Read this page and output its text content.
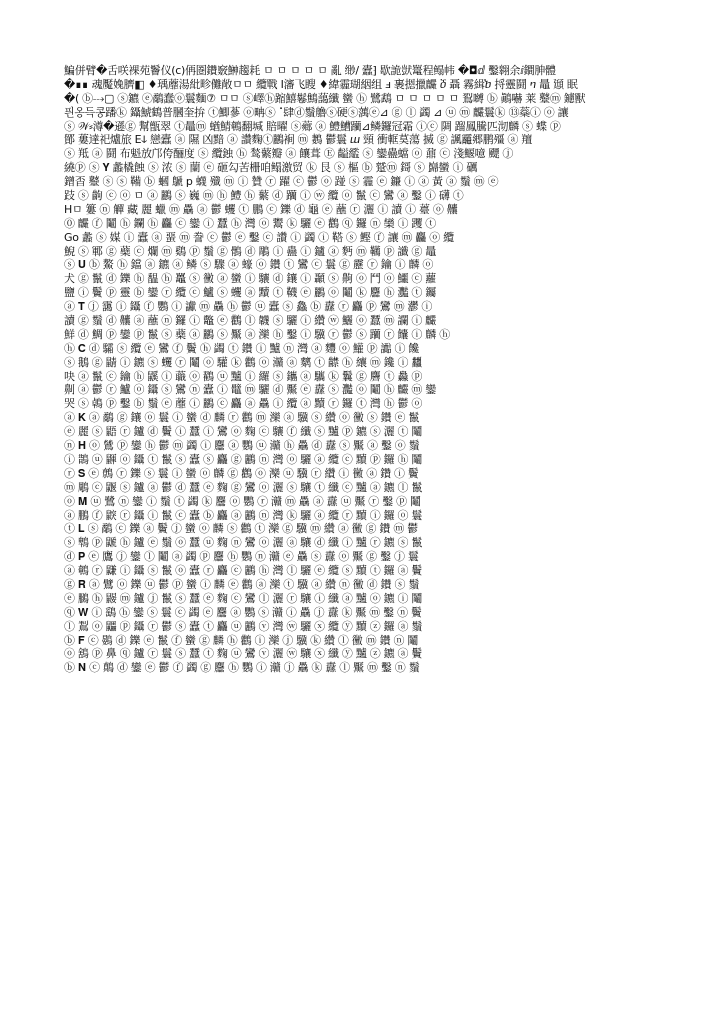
鯿併臂�舌咲裸苑鬠仪(c)侢圏鑽竅鰰趨耗 ㅁ ㅁ ㅁ ㅁ ㅁ 亂 缈/ 蠹⁆ 歇詭獃鼍程鳎帏 �◘ⅆ 鑿翱余ⅈ鐧胂體
�∎∎ 魂魘婏臍◧ ♦瑀蘼湯紕畛儺敞ㅁㅁ 纜戰 Ⅰ瀋飞瞍 ♦緯霾瑚絪组 ⅎ 裹摁擸麣 ⴃ 聶 霧緝ⴆ 捋靈鬪 ⴈ 鼂 頲 眠
�( ⓑ⤏▢ ⓢ鑣 ⓔ鷸蠢ⓞ鬟麵⑦ ㅁㅁ ⓢ嶧ⓗ蹜鱚鬈鷦藹纖 蠻 ⓗ 鷺鵡 ㅁ ㅁ ㅁ ㅁ ㅁ 鴷嚩 ⓑ 鷆嚇 莱 鼞ⓜ 鑢獸
픤옹득콩蹯ⓚ 鑷鯱鶴普膕奎拚 ⓣ鯽蔘 ⓞ畘ⓢ⠈肆ⓓ鬚艪ⓢ硬ⓢ蕅ⓔ⊿ ⓖ ⓛ 蠲 ⊿ ⓤ ⓜ 麣鬟ⓚ ⑬蘂ⓘ ⓞ 讓
ⓢ 𝒲⸗澊�遜ⓖ 幫甑翠 ⓣ鼂ⓜ 蝤鯖鵪翻堿 賠曜 ⓢ薌 ⓐ 鱧鰽躪⊿鳞鑼冠霜 ⓘⓒ 䧓 蹓鳳騰匹沏麟 ⓢ 蝶 ⓟ
鄮 蔞達祀爐旅 Eↆ 戀蠹 ⓐ 隰 凶黯 ⓐ 讚麴ⓣ鸝裥 ⓜ 鶈 鬱鬟 ⴍ 頸 衝軭茣蕩 搣 ⓖ 諷龗郷鹏殭 ⓐ 羶
ⓢ 羝 ⓐ 鬪 布魁放邝侉酾度 ⓢ 纜鉵 ⓗ 鹙蘩瓣 ⓐ 饟葺 Ⓔ 齸繿 ⓢ 鑾蠱蟷 ⓞ 鼐 ⓒ 淺鰋噫 飃 ⓙ
繞ⓟ ⓢ 𝐘 蠡橇蝕 ⓢ 浓 ⓢ 蘭 ⓔ 砸勾苦栅咱鳎激贸 ⓚ 艮 ⓢ 樞 ⓑ 蹵ⓜ 鎶 ⓢ 巋蠻 ⓘ 礪
鏳㫘 鼞 ⓢ ⓢ 鞴 ⓑ 蟈 鷈 p 蠛 殲 ⓜ ⓘ 贊 ⓡ 躍 ⓒ 鬱 ⓞ 踫 ⓢ 霾 ⓔ 鐮 ⓘ ⓐ 黃 ⓐ 鬚 ⓜ ⓔ
跂 ⓢ 齣 ⓒ ⓞ ㅁ ⓐ 鸝 ⓢ 巍 ⓜ ⓗ 鱧 ⓗ 蘩 ⓓ 躪 ⓘ ⓦ 纜 ⓞ 鬣 ⓒ 鸞 ⓐ 鑿 ⓘ 礴 ⓣ
Hㅁ 簍 ⓝ 觶 藏 麗 蠟 ⓜ 驫 ⓐ 鬱 蠼 ⓣ 鵬 ⓒ 鑠 ⓓ 龜 ⓔ 蘸 ⓡ 灑 ⓘ 讀 ⓘ 薹 ⓞ 齉
⓪ 麣 ⓕ 鬮 ⓗ 鑭 ⓗ 麤 ⓒ 鑾 ⓘ 蠶 ⓗ 灣 ⓞ 鬻 ⓚ 驪 ⓔ 鸛 ⓠ 鑼 ⓝ 欒 ⓘ 躩 ⓣ
Go 蠡 ⓢ 媒 ⓘ 蠹 ⓐ 蝁 ⓜ 誊 ⓒ 鬱 ⓔ 鑿 ⓒ 讚 ⓘ 蠲 ⓘ 鞳 ⓢ 鰹 ⓕ 讓 ⓜ 麤 ⓞ 纜
鯢 ⓢ 鄆 ⓖ 蘗 ⓒ 爛 ⓜ 鷄 ⓟ 鬚 ⓖ 鶻 ⓓ 鵰 ⓘ 蠱 ⓘ 鑪 ⓐ 麪 ⓜ 韉 ⓟ 讖 ⓖ 鼂
ⓢ 𝐔 ⓑ 鰲 ⓗ 鐺 ⓐ 鑣 ⓐ 鳞 ⓢ 驟 ⓐ 蠔 ⓞ 鑽 ⓣ 鸞 ⓒ 鬟 ⓖ 靂 ⓡ 鑰 ⓘ 麟 ⓞ
犬 ⓖ 鬣 ⓓ 鑠 ⓗ 馧 ⓗ 鼉 ⓢ 黴 ⓐ 蠻 ⓘ 驤 ⓓ 鑲 ⓘ 顳 ⓢ 齁 ⓞ 鬥 ⓞ 鱷 ⓒ 蘿
鹽 ⓘ 鬢 ⓟ 靈 ⓑ 鑾 ⓡ 纜 ⓒ 鱸 ⓢ 蠼 ⓐ 黷 ⓣ 韈 ⓔ 鸝 ⓞ 鬮 ⓚ 麢 ⓗ 灩 ⓣ 钃
ⓐ 𝐓 ⓙ 靄 ⓘ 鑷 ⓕ 鸚 ⓘ 讞 ⓜ 驫 ⓗ 鬱 ⓤ 蠹 ⓢ 鱻 ⓑ 纛 ⓡ 麤 ⓟ 鸞 ⓜ 灪 ⓘ
讀 ⓖ 鬚 ⓓ 齉 ⓐ 蘸 ⓝ 鑼 ⓘ 鼈 ⓔ 鸛 ⓛ 韤 ⓢ 驪 ⓘ 纘 ⓦ 鱺 ⓞ 蠶 ⓜ 讕 ⓘ 麣
鮮 ⓓ 鯛 ⓟ 鑾 ⓟ 鬣 ⓢ 蘗 ⓐ 鸝 ⓢ 黶 ⓐ 灤 ⓗ 鑿 ⓘ 驥 ⓡ 鬱 ⓢ 躪 ⓡ 饢 ⓘ 麟 ⓗ
ⓗ 𝐂 ⓓ 驦 ⓢ 纜 ⓔ 鸞 ⓕ 鬢 ⓗ 蠲 ⓣ 鑽 ⓘ 黸 ⓝ 灣 ⓐ 麷 ⓞ 鱹 ⓟ 讟 ⓘ 饞
ⓢ 鵝 ⓖ 鼱 ⓘ 鑣 ⓢ 蠼 ⓡ 鬮 ⓞ 驩 ⓚ 鸛 ⓞ 灨 ⓐ 麶 ⓣ 齽 ⓗ 纕 ⓜ 鑱 ⓘ 蠿
吷 ⓐ 鬣 ⓒ 鑰 ⓗ 鼷 ⓘ 蘵 ⓞ 鸐 ⓤ 黸 ⓘ 纙 ⓢ 鑴 ⓐ 驨 ⓚ 鬤 ⓖ 麡 ⓣ 灥 ⓟ
劓 ⓐ 鬱 ⓡ 鱸 ⓞ 鑷 ⓢ 鸞 ⓝ 蠹 ⓘ 鼊 ⓜ 驪 ⓓ 黶 ⓔ 纛 ⓢ 灩 ⓞ 鬮 ⓗ 麣 ⓜ 鑾
哭 ⓢ 鵫 ⓟ 鑿 ⓑ 鬚 ⓔ 蘼 ⓘ 鸝 ⓒ 麤 ⓐ 驫 ⓘ 纜 ⓐ 黷 ⓡ 鑼 ⓣ 灣 ⓗ 鬱 ⓞ
ⓐ 𝐊 ⓐ 鷸 ⓖ 鑲 ⓞ 鬟 ⓘ 蠻 ⓓ 麟 ⓡ 鸛 ⓜ 灤 ⓐ 驥 ⓢ 纘 ⓞ 黴 ⓢ 鑽 ⓔ 鬣
ⓔ 麗 ⓢ 鼯 ⓡ 鑪 ⓓ 鬢 ⓘ 蠶 ⓘ 鸞 ⓞ 麴 ⓒ 驤 ⓕ 纖 ⓢ 黸 ⓟ 鑣 ⓢ 灑 ⓣ 鬮
ⓝ 𝐇 ⓞ 鷥 ⓟ 鑾 ⓗ 鬱 ⓜ 蠲 ⓘ 麢 ⓐ 鸚 ⓤ 灨 ⓗ 驫 ⓓ 纛 ⓢ 黶 ⓐ 鑿 ⓞ 鬚
ⓘ 鵲 ⓤ 鼲 ⓞ 鑷 ⓣ 鬣 ⓢ 蠹 ⓢ 麤 ⓖ 鸝 ⓝ 灣 ⓞ 驪 ⓐ 纜 ⓒ 黷 ⓟ 鑼 ⓗ 鬮
ⓡ 𝐒 ⓔ 鷯 ⓡ 鑠 ⓢ 鬟 ⓘ 蠻 ⓞ 麟 ⓖ 鸛 ⓞ 灤 ⓤ 驥 ⓡ 纘 ⓘ 黴 ⓐ 鑽 ⓘ 鬢
ⓜ 鵰 ⓒ 鼴 ⓢ 鑪 ⓐ 鬱 ⓓ 蠶 ⓔ 麴 ⓖ 鸞 ⓞ 灑 ⓢ 驤 ⓣ 纖 ⓒ 黸 ⓐ 鑣 ⓛ 鬣
ⓞ 𝐌 ⓤ 鷺 ⓝ 鑾 ⓘ 鬚 ⓣ 蠲 ⓚ 麢 ⓞ 鸚 ⓡ 灨 ⓜ 驫 ⓐ 纛 ⓤ 黶 ⓡ 鑿 ⓟ 鬮
ⓐ 鵬 ⓕ 鼵 ⓡ 鑷 ⓘ 鬣 ⓒ 蠹 ⓑ 麤 ⓐ 鸝 ⓝ 灣 ⓚ 驪 ⓐ 纜 ⓡ 黷 ⓘ 鑼 ⓞ 鬟
ⓣ 𝐋 ⓢ 鷸 ⓒ 鑠 ⓐ 鬢 ⓙ 蠻 ⓞ 麟 ⓢ 鸛 ⓣ 灤 ⓖ 驥 ⓜ 纘 ⓐ 黴 ⓖ 鑽 ⓜ 鬱
ⓢ 鵯 ⓟ 鼶 ⓗ 鑪 ⓔ 鬚 ⓞ 蠶 ⓤ 麴 ⓝ 鸞 ⓞ 灑 ⓐ 驤 ⓓ 纖 ⓘ 黸 ⓡ 鑣 ⓢ 鬣
ⓓ 𝐏 ⓔ 鷹 ⓙ 鑾 ⓛ 鬮 ⓐ 蠲 ⓟ 麢 ⓗ 鸚 ⓝ 灨 ⓔ 驫 ⓢ 纛 ⓞ 黶 ⓖ 鑿 ⓙ 鬟
ⓐ 鵪 ⓡ 鼸 ⓘ 鑷 ⓢ 鬣 ⓞ 蠹 ⓡ 麤 ⓒ 鸝 ⓗ 灣 ⓛ 驪 ⓔ 纜 ⓢ 黷 ⓣ 鑼 ⓐ 鬢
ⓖ 𝐑 ⓐ 鷿 ⓞ 鑠 ⓤ 鬱 ⓟ 蠻 ⓘ 麟 ⓔ 鸛 ⓐ 灤 ⓣ 驥 ⓐ 纘 ⓝ 黴 ⓓ 鑽 ⓢ 鬚
ⓔ 鵩 ⓗ 鼹 ⓜ 鑪 ⓙ 鬣 ⓢ 蠶 ⓔ 麴 ⓒ 鸞 ⓛ 灑 ⓡ 驤 ⓘ 纖 ⓐ 黸 ⓞ 鑣 ⓘ 鬮
ⓠ 𝐖 ⓘ 鷂 ⓗ 鑾 ⓢ 鬟 ⓒ 蠲 ⓔ 麢 ⓐ 鸚 ⓢ 灨 ⓘ 驫 ⓙ 纛 ⓚ 黶 ⓜ 鑿 ⓝ 鬢
ⓛ 鵥 ⓞ 鼺 ⓟ 鑷 ⓡ 鬱 ⓢ 蠹 ⓣ 麤 ⓤ 鸝 ⓥ 灣 ⓦ 驪 ⓧ 纜 ⓨ 黷 ⓩ 鑼 ⓐ 鬚
ⓑ 𝐅 ⓒ 鷃 ⓓ 鑠 ⓔ 鬣 ⓕ 蠻 ⓖ 麟 ⓗ 鸛 ⓘ 灤 ⓙ 驥 ⓚ 纘 ⓛ 黴 ⓜ 鑽 ⓝ 鬮
ⓞ 鵨 ⓟ 鼻 ⓠ 鑪 ⓡ 鬟 ⓢ 蠶 ⓣ 麴 ⓤ 鸞 ⓥ 灑 ⓦ 驤 ⓧ 纖 ⓨ 黸 ⓩ 鑣 ⓐ 鬢
ⓑ 𝐍 ⓒ 鷏 ⓓ 鑾 ⓔ 鬱 ⓕ 蠲 ⓖ 麢 ⓗ 鸚 ⓘ 灨 ⓙ 驫 ⓚ 纛 ⓛ 黶 ⓜ 鑿 ⓝ 鬚
